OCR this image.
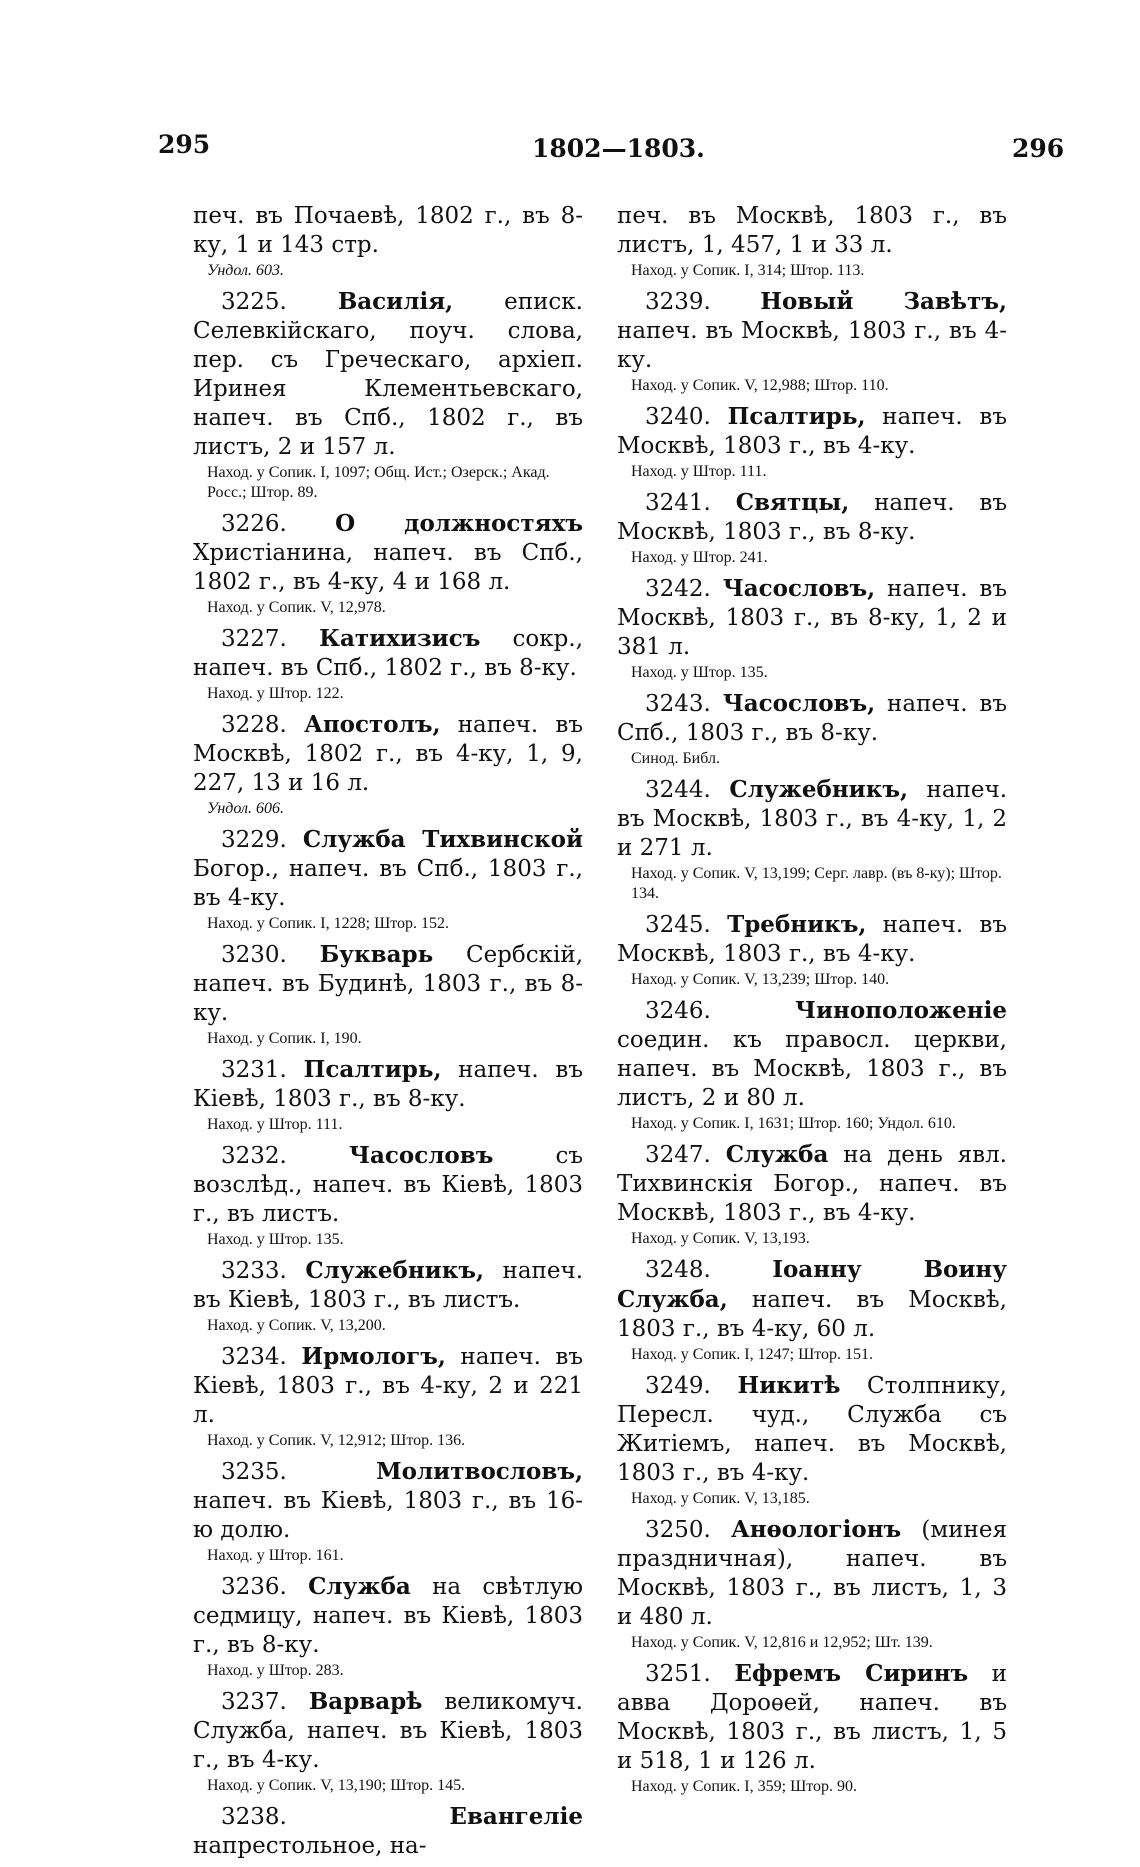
295	1802—1803.	296

печ. въ Почаевѣ, 1802 г., въ 8-ку, 1 и 143 стр.

Ундол. 603.

3225. Василія, еписк. Селевкійскаго, поуч. слова, пер. съ Греческаго, архіеп. Иринея Клементьевскаго, напеч. въ Спб., 1802 г., въ листъ, 2 и 157 л.

Наход. у Сопик. I, 1097; Общ. Ист.; Озерск.; Акад. Росс.; Штор. 89.

3226. О должностяхъ Христіанина, напеч. въ Спб., 1802 г., въ 4-ку, 4 и 168 л.

Наход. у Сопик. V, 12,978.

3227. Катихизисъ сокр., напеч. въ Спб., 1802 г., въ 8-ку.

Наход. у Штор. 122.

3228. Апостолъ, напеч. въ Москвѣ, 1802 г., въ 4-ку, 1, 9, 227, 13 и 16 л.

Ундол. 606.

3229. Служба Тихвинской Богор., напеч. въ Спб., 1803 г., въ 4-ку.

Наход. у Сопик. I, 1228; Штор. 152.

3230. Букварь Сербскій, напеч. въ Будинѣ, 1803 г., въ 8-ку.

Наход. у Сопик. I, 190.

3231. Псалтирь, напеч. въ Кіевѣ, 1803 г., въ 8-ку.

Наход. у Штор. 111.

3232.	Часословъ съ возслѣд., напеч. въ Кіевѣ, 1803 г., въ листъ.

Наход. у Штор. 135.

3233. Служебникъ, напеч. въ Кіевѣ, 1803 г., въ листъ.

Наход. у Сопик. V, 13,200.

3234. Ирмологъ, напеч. въ Кіевѣ, 1803 г., въ 4-ку, 2 и 221 л.

Наход. у Сопик. V, 12,912; Штор. 136.

3235.	Молитвословъ, напеч. въ Кіевѣ, 1803 г., въ 16-ю долю.

Наход. у Штор. 161.

3236. Служба на свѣтлую седмицу, напеч. въ Кіевѣ, 1803 г., въ 8-ку.

Наход. у Штор. 283.

3237. Варварѣ великомуч. Служба, напеч. въ Кіевѣ, 1803 г., въ 4-ку.

Наход. у Сопик. V, 13,190; Штор. 145.

3238.	Евангеліе напрестольное, на-

печ. въ Москвѣ, 1803 г., въ листъ, 1, 457, 1 и 33 л.

Наход. у Сопик. I, 314; Штор. 113.

3239. Новый Завѣтъ, напеч. въ Москвѣ, 1803 г., въ 4-ку.

Наход. у Сопик. V, 12,988; Штор. 110.

3240. Псалтирь, напеч. въ Москвѣ, 1803 г., въ 4-ку.

Наход. у Штор. 111.

3241. Святцы, напеч. въ Москвѣ, 1803 г., въ 8-ку.

Наход. у Штор. 241.

3242. Часословъ, напеч. въ Москвѣ, 1803 г., въ 8-ку, 1, 2 и 381 л.

Наход. у Штор. 135.

3243. Часословъ, напеч. въ Спб., 1803 г., въ 8-ку.

Синод. Библ.

3244. Служебникъ, напеч. въ Москвѣ, 1803 г., въ 4-ку, 1, 2 и 271 л.

Наход. у Сопик. V, 13,199; Серг. лавр. (въ 8-ку); Штор. 134.

3245. Требникъ, напеч. въ Москвѣ, 1803 г., въ 4-ку.

Наход. у Сопик. V, 13,239; Штор. 140.

3246.	Чиноположеніе соедин. къ правосл. церкви, напеч. въ Москвѣ, 1803 г., въ листъ, 2 и 80 л.

Наход. у Сопик. I, 1631; Штор. 160; Ундол. 610.

3247. Служба на день явл. Тихвинскія Богор., напеч. въ Москвѣ, 1803 г., въ 4-ку.

Наход. у Сопик. V, 13,193.

3248.	Іоанну Воину Служба, напеч. въ Москвѣ, 1803 г., въ 4-ку, 60 л.

Наход. у Сопик. I, 1247; Штор. 151.

3249. Никитѣ Столпнику, Пересл. чуд., Служба съ Житіемъ, напеч. въ Москвѣ, 1803 г., въ 4-ку.

Наход. у Сопик. V, 13,185.

3250. Анѳологіонъ (минея праздничная), напеч. въ Москвѣ, 1803 г., въ листъ, 1, 3 и 480 л.

Наход. у Сопик. V, 12,816 и 12,952; Шт. 139.

3251. Ефремъ Сиринъ и авва Дороѳей, напеч. въ Москвѣ, 1803 г., въ листъ, 1, 5 и 518, 1 и 126 л.

Наход. у Сопик. I, 359; Штор. 90.
